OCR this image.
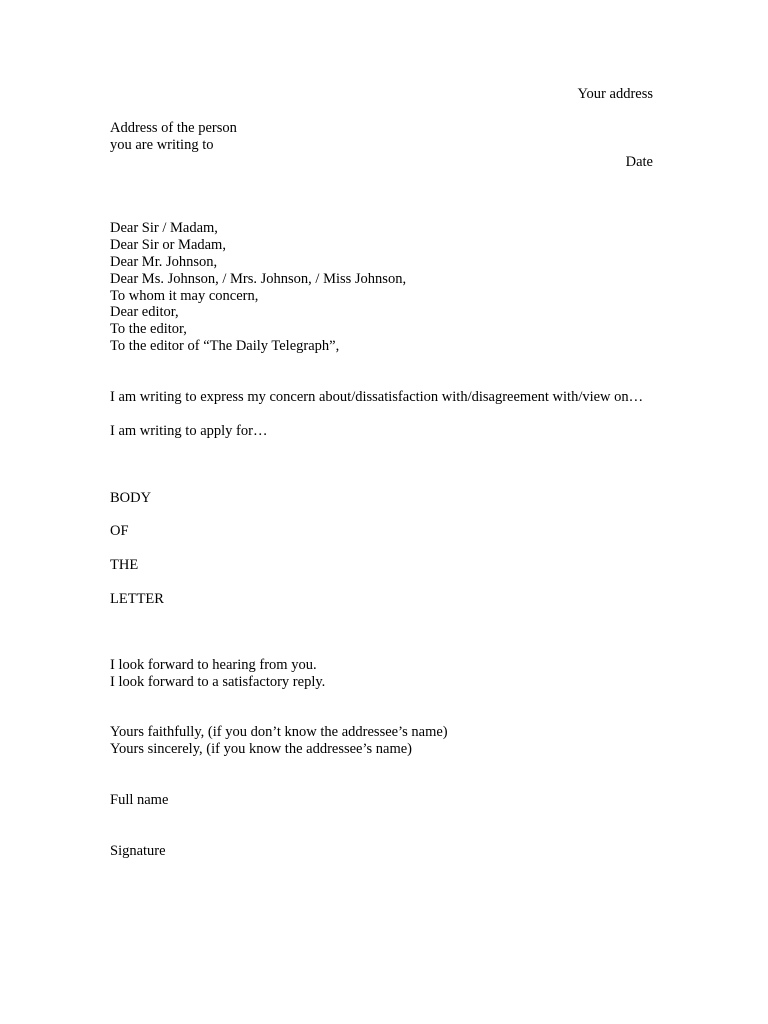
Your address
Address of the person
you are writing to
Date
Dear Sir / Madam,
Dear Sir or Madam,
Dear Mr. Johnson,
Dear Ms. Johnson, / Mrs. Johnson, / Miss Johnson,
To whom it may concern,
Dear editor,
To the editor,
To the editor of “The Daily Telegraph”,
I am writing to express my concern about/dissatisfaction with/disagreement with/view on…
I am writing to apply for…
BODY
OF
THE
LETTER
I look forward to hearing from you.
I look forward to a satisfactory reply.
Yours faithfully, (if you don’t know the addressee’s name)
Yours sincerely, (if you know the addressee’s name)
Full name
Signature
